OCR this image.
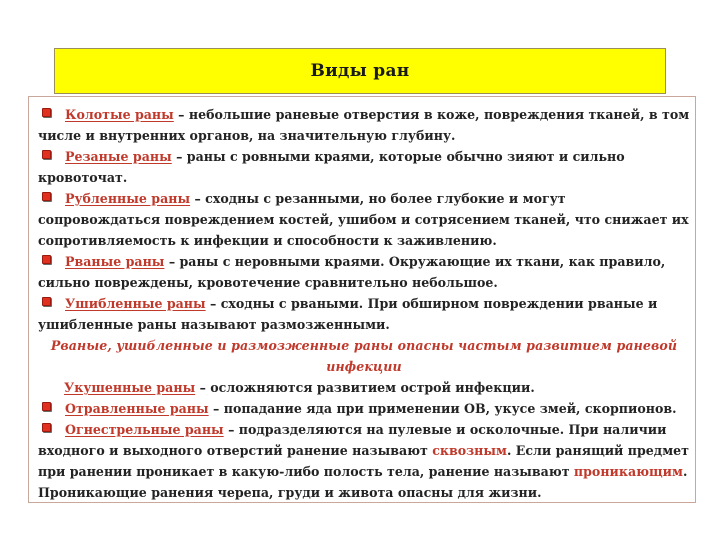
Виды ран

Колотые раны – небольшие раневые отверстия в коже, повреждения тканей, в том числе и внутренних органов, на значительную глубину.

Резаные раны – раны с ровными краями, которые обычно зияют и сильно кровоточат.

Рубленные раны – сходны с резанными, но более глубокие и могут сопровождаться повреждением костей, ушибом и сотрясением тканей, что снижает их сопротивляемость к инфекции и способности к заживлению.

Рваные раны – раны с неровными краями. Окружающие их ткани, как правило, сильно повреждены, кровотечение сравнительно небольшое.

Ушибленные раны – сходны с рваными. При обширном повреждении рваные и ушибленные раны называют размозженными.

Рваные, ушибленные и размозженные раны опасны частым развитием раневой инфекции

Укушенные раны – осложняются развитием острой инфекции.

Отравленные раны – попадание яда при применении ОВ, укусе змей, скорпионов.

Огнестрельные раны – подразделяются на пулевые и осколочные. При наличии входного и выходного отверстий ранение называют сквозным. Если ранящий предмет при ранении проникает в какую-либо полость тела, ранение называют проникающим. Проникающие ранения черепа, груди и живота опасны для жизни.
